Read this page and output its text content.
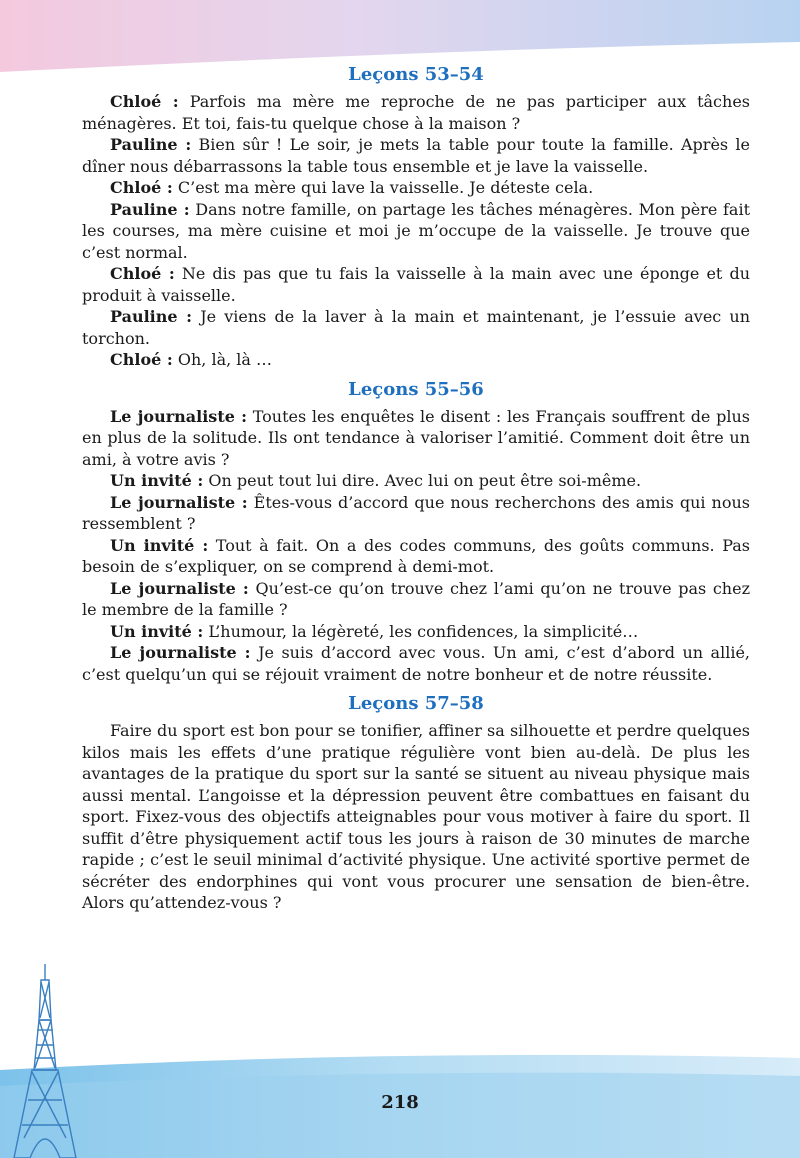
Leçons 53–54

Chloé : Parfois ma mère me reproche de ne pas participer aux tâches ménagères. Et toi, fais-tu quelque chose à la maison ?

Pauline : Bien sûr ! Le soir, je mets la table pour toute la famille. Après le dîner nous débarrassons la table tous ensemble et je lave la vaisselle.

Chloé : C’est ma mère qui lave la vaisselle. Je déteste cela.

Pauline : Dans notre famille, on partage les tâches ménagères. Mon père fait les courses, ma mère cuisine et moi je m’occupe de la vaisselle. Je trouve que c’est normal.

Chloé : Ne dis pas que tu fais la vaisselle à la main avec une éponge et du produit à vaisselle.

Pauline : Je viens de la laver à la main et maintenant, je l’essuie avec un torchon.

Chloé : Oh, là, là …

Leçons 55–56

Le journaliste : Toutes les enquêtes le disent : les Français souffrent de plus en plus de la solitude. Ils ont tendance à valoriser l’amitié. Comment doit être un ami, à votre avis ?

Un invité : On peut tout lui dire. Avec lui on peut être soi-même.

Le journaliste : Êtes-vous d’accord que nous recherchons des amis qui nous ressemblent ?

Un invité : Tout à fait. On a des codes communs, des goûts communs. Pas besoin de s’expliquer, on se comprend à demi-mot.

Le journaliste : Qu’est-ce qu’on trouve chez l’ami qu’on ne trouve pas chez le membre de la famille ?

Un invité : L’humour, la légèreté, les confidences, la simplicité…

Le journaliste : Je suis d’accord avec vous. Un ami, c’est d’abord un allié, c’est quelqu’un qui se réjouit vraiment de notre bonheur et de notre réussite.

Leçons 57–58

Faire du sport est bon pour se tonifier, affiner sa silhouette et perdre quelques kilos mais les effets d’une pratique régulière vont bien au-delà. De plus les avantages de la pratique du sport sur la santé se situent au niveau physique mais aussi mental. L’angoisse et la dépression peuvent être combattues en faisant du sport. Fixez-vous des objectifs atteignables pour vous motiver à faire du sport. Il suffit d’être physiquement actif tous les jours à raison de 30 minutes de marche rapide ; c’est le seuil minimal d’activité physique. Une activité sportive permet de sécréter des endorphines qui vont vous procurer une sensation de bien-être. Alors qu’attendez-vous ?

218
